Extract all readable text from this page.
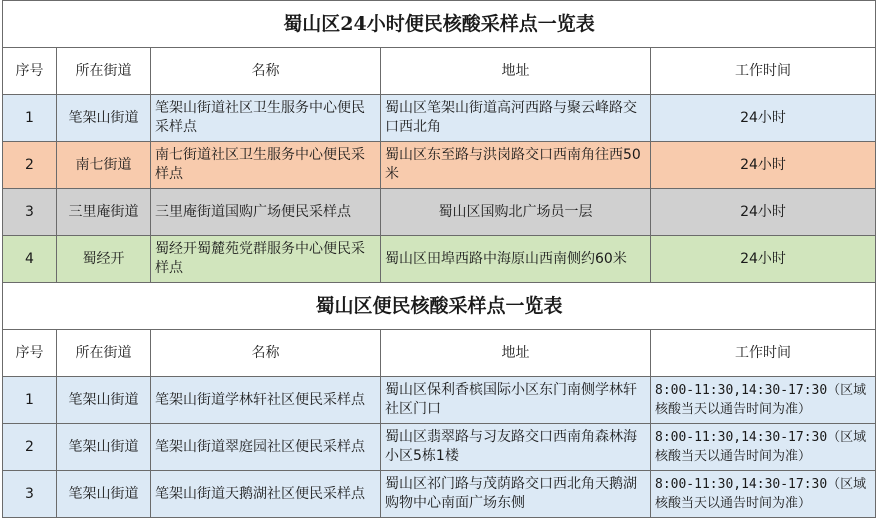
蜀山区24小时便民核酸采样点一览表				
序号	所在街道	名称	地址	工作时间
1	笔架山街道	笔架山街道社区卫生服务中心便民采样点	蜀山区笔架山街道高河西路与聚云峰路交口西北角	24小时
2	南七街道	南七街道社区卫生服务中心便民采样点	蜀山区东至路与洪岗路交口西南角往西50米	24小时
3	三里庵街道	三里庵街道国购广场便民采样点	蜀山区国购北广场员一层	24小时
4	蜀经开	蜀经开蜀麓苑党群服务中心便民采样点	蜀山区田埠西路中海原山西南侧约60米	24小时
蜀山区便民核酸采样点一览表				
序号	所在街道	名称	地址	工作时间
1	笔架山街道	笔架山街道学林轩社区便民采样点	蜀山区保利香槟国际小区东门南侧学林轩社区门口	8:00-11:30,14:30-17:30（区域核酸当天以通告时间为准）
2	笔架山街道	笔架山街道翠庭园社区便民采样点	蜀山区翡翠路与习友路交口西南角森林海小区5栋1楼	8:00-11:30,14:30-17:30（区域核酸当天以通告时间为准）
3	笔架山街道	笔架山街道天鹅湖社区便民采样点	蜀山区祁门路与茂荫路交口西北角天鹅湖购物中心南面广场东侧	8:00-11:30,14:30-17:30（区域核酸当天以通告时间为准）
